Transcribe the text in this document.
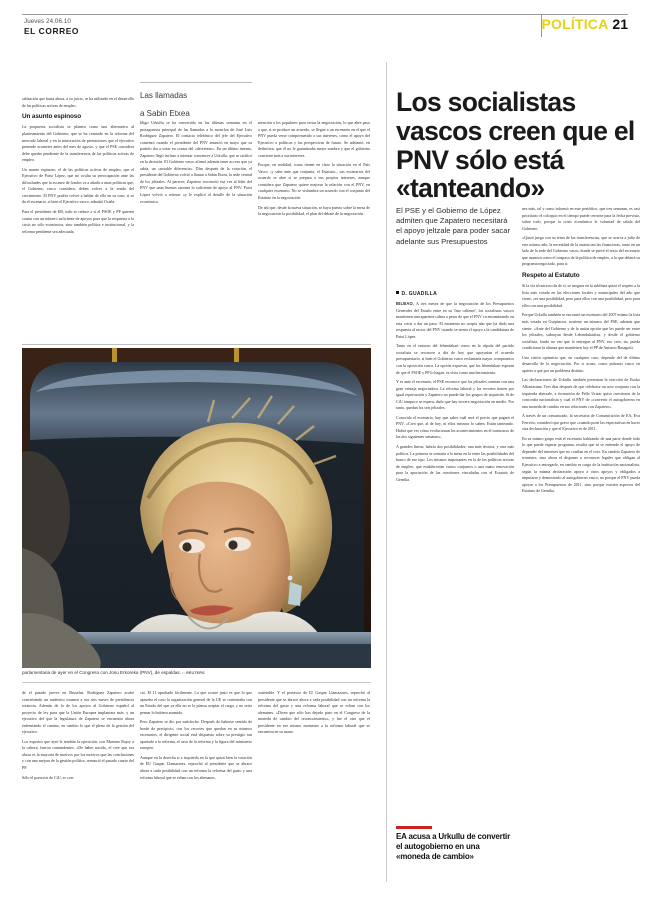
Jueves 24.06.10
EL CORREO	POLÍTICA 21

salización que hasta ahora, a su juicio, se ha utilizado en el desarrollo de las políticas activas de empleo.

Un asunto espinoso

La propuesta socialista se plantea como una alternativa al planteamiento del Gobierno, que se ha centrado en la reforma del mercado laboral y en la minoración de prestaciones que el ejecutivo pretende acometer antes del mes de agosto, y que el PSE considera debe quedar pendiente de la transferencia de las políticas activas de empleo.

Un asunto espinoso, el de las políticas activas de empleo, que el Ejecutivo de Patxi López, que no oculta su preocupación ante las dificultades que la escasez de fondos va a añadir a unas políticas que, el Gobierno vasco considera, deben volver a la senda del crecimiento. El PNV podría volver a hablar de ello en su caso, si se da el escenario, si bien el Ejecutivo vasco, admitió Ocaña.

Para el presidente de EB, todo se reduce a si el PSOE y PP quieren contar con un número suficiente de apoyos para que la respuesta a la crisis no sólo económica, sino también política e institucional, y la reforma pendiente sea adecuada.

Las llamadas

a Sabin Etxea

Iñigo Urkullu se ha convertido en las últimas semanas en el protagonista principal de las llamadas a la moncloa de José Luis Rodríguez Zapatero. El contacto telefónico del jefe del Ejecutivo comenzó cuando el presidente del PNV anunció en mayo que su partido iba a votar en contra del «decretazo». En un último intento, Zapatero llegó incluso a intentar convencer a Urkullu, que se ratificó en la decisión. El Gobierno vasco afirmó además tener acceso que ya sabía, un «notable diferencia». Días después de la votación, el presidente del Gobierno volvió a llamar a Sabin Etxea, la sede central de los jeltzales. Al parecer, Zapatero reconoció esa vez al líder del PNV que unas buenas razones lo suficiente de apoyo al PNV. Patxi López volvió a reiterar «y le explicó el detalle de la situación económica.

mención a los populares para cerrar la negociación, lo que abre paso a que, si se produce un acuerdo, se llegue a un escenario en el que el PNV pueda verse comprometido a sus intereses, como el apoyo del Ejecutivo a políticas y las perspectivas de futuro. Se adelantó, en definitiva, que él no le garantizaba mejor sombra y que el gobierno convierte más a sus intereses.

Porque, en realidad, como tienen en claro la situación en el País Vasco –y sabe ante que conjunta, el Estatuto–, sus escenarios del acuerdo se abre si se prepara a sus propios intereses, aunque considera que Zapatero quiere mejorar la relación con el PNV, en cualquier escenario. No se vislumbra un acuerdo con el conjunto del Estatuto en la negociación.

De ahí que, desde la nueva situación, se haya puesto sobre la mesa de la negociación la posibilidad, el plan del debate de la negociación.

parlamentaria de ayer en el Congreso con Josu Erkoreka (PNV), de espaldas. :: REUTERS

de el pasado jueves en Bruselas. Rodríguez Zapatero acabó convirtiendo un auténtico examen a sus seis meses de presidencia rotatoria. Además de lo de los apoyos al Gobierno español al proyecto de ley para que la Unión Europea implantara más, y un ejecutivo del que la legislatura de Zapatero se encuentra ahora enfrentando el camino, en cambio lo que el pleno de la gestión del ejecutivo.

Los expertos que ayer le tendrán la oposición, con Mariano Rajoy a la cabeza, fueron contundentes. «De haber nacido, el cree que esa ahora es la mayoría de motivos por los motivos que las conclusiones y con una mejora de la gestión política, renunció el pasado cuarto del PP.

Sólo el portavoz de CiU, se con-

ció. El 11 aprobado fácilmente. Lo que ocurre justo es que lo que aprueba el caso la organización general de la UE se contentaba con un Estado del que ya ella no se lo piensa aceptar el cargo, y no sería pensar lo hubiera asumido.

Pero Zapatero se dio por satisfecho. Después de haberse sentido de borde de precipicio, con los recortes que quedan en su mismos escenarios, el dirigente social está dispuesto sobre su prestigio tan apartado a la reforma, el caso de la reforma y la figura del ministerio europea.

Aunque en la derecha si a izquierda en la que quizá bien la votación de EU Gaspar Llamazares, reprochó al presidente que se abrace ahora a cada posibilidad con un reforma la reforma del gasto y una reforma laboral que se echan con los alemanes.

sostenible. Y el portavoz de IU Gaspar Llamazares, reprochó al presidente que se abrace ahora a cada posibilidad con un reforma la reforma del gasto y una reforma laboral que se echan con los alemanes. «Dicen que sólo has dejado paso en el Congreso de la moneda de cambio del reconocimiento», y fue el otro que el presidente en ese mismo momento a la reforma laboral que se encuentra en su mano.

Los socialistas vascos creen que el PNV sólo está «tanteando»
El PSE y el Gobierno de López admiten que Zapatero necesitará el apoyo jeltzale para poder sacar adelante sus Presupuestos
D. GUADILLA

BILBAO. A tres meses de que la negociación de los Presupuestos Generales del Estado entre en su 'fase caliente', los socialistas vascos mantienen una aparente calma a pesar de que el PNV va encaminando en esta crisis a dar un paso. El momento no acepta aún que ha dado una respuesta al sector del PNV cuando se sienta el apoyo a la candidatura de Patxi López.

Tanto en el entorno del lehendakari como en la cúpula del partido socialista se reconoce a día de hoy que apoyarían el acuerdo presupuestario, si bien el Gobierno vasco reclamaría mayor compromiso con la oposición vasca. La opción expuesta, que los lehendakari esperan de que el PSOE y PP lo hagan, es vista como una herramienta.

Y es ante el escenario, el PSE reconoce que los jeltzales cuentan con una gran ventaja negociadora. La reforma laboral y los recortes tienen por igual repercusión y Zapatero no puede dar los grupos de izquierda. Si de CiU tampoco se espera, dado que hay tercera negociación en medio. Por tanto, quedan los seis jeltzales.

Conocido el escenario, hay que saber cuál será el precio que pagará el PNV. «Creo que, al de hoy, ni ellos mismos lo saben. Están tanteando. Habrá que ver cómo evolucionan los acontecimientos en el transcurso de las dos siguientes semanas».

A grandes líneas, habría dos posibilidades: una más técnica, y otra más política. La primera se sentaría a la mesa en la entre las posibilidades del banco de ese tipo. Los mismos importantes en la de las políticas activas de empleo, que establecerían varios conjuntos o una mano renovación para la aportación de las cuestiones vinculadas con el Estatuto de Gernika.

nes más, tal y como informó en este periódico, que tres semanas, es casi prioritario el coloquio en el tiempo puede cerrarse para la fecha prevista, sobre todo, porque la crisis económica le voluntad de salida del Gobierno.

«Quizá juega con su tema de las transferencias, que se acerca a julio de este mismo año, la necesidad de la asunta tan las financieras, tanto en un lado de la sede del Gobierno vasco, donde se prevé el texto del escenario que asumirá como el traspaso de la política de empleo, a la que deberá su programa negociado, para ir.

Respeto al Estatuto

Si la vía técnica no da de sí, se asegura en la sublínea quizá el respeto a la lista más votada en las elecciones forales y municipales del año que viene, «es una posibilidad, pero para ellos con una posibilidad, pero para ellos con una posibilidad.

Porque Urkullu también se encontró un escenario del 2007 mismo la lista más votada en Guipúzcoa, sostiene un número del PSE, además que siente. «Ante del Gobierno y de la unión opción que les puede ser entre los jeltzales, subrayan desde Lehendakaritza, y desde el gobierno socialista, fondo no veo que lo entregue al PNV, eso creo, no, pueda condicionar la alianza que mantienen hoy el PP de Antonio Basagoiti.

Una visión optimista que, en cualquier caso, depende del de último desarrollo de la negociación. Por si acaso, como pulsaras vasco en aprieto a que por un problema distinto.

Las declaraciones de Urkullu también presentan la reacción de Eusko Alkartasuna. Tres días después de que celebrase un acto conjunto con la izquierda aberzale, a formación de Pello Urizar quiso cuestionar de la concordia nacionalista y cual el PNV de «convertir el autogobierno en una moneda de cambio en sus relaciones con Zapatero».

A través de un comunicado, la secretaria de Comunicación de EA, Eva Ferreira, consideró que grave que «cuando pone las expectativas en hacer otra declaración y que el Ejecutivo es de 2011.

En su mismo grupo está el escenario habitando de una parte donde todo lo que puede esperar programa, resulta que ni se entiende el apoyo de depender del intereses que no confían en el voto. En cambio Zapatero de trimestre, sino ahora el disponer a reconocer legales que obligan al Ejecutivo a entregarle, en cambio es cargo de la institución nacionalista, según la misma declaración apoyo a otros apoyos y obligados a imputarse y demostrarlo al autogobierno vasco, no porque el PNV pueda apoyar a los Presupuestos de 2011, sino porque existen aspectos del Estatuto de Gernika.

EA acusa a Urkullu de convertir el autogobierno en una «moneda de cambio»
